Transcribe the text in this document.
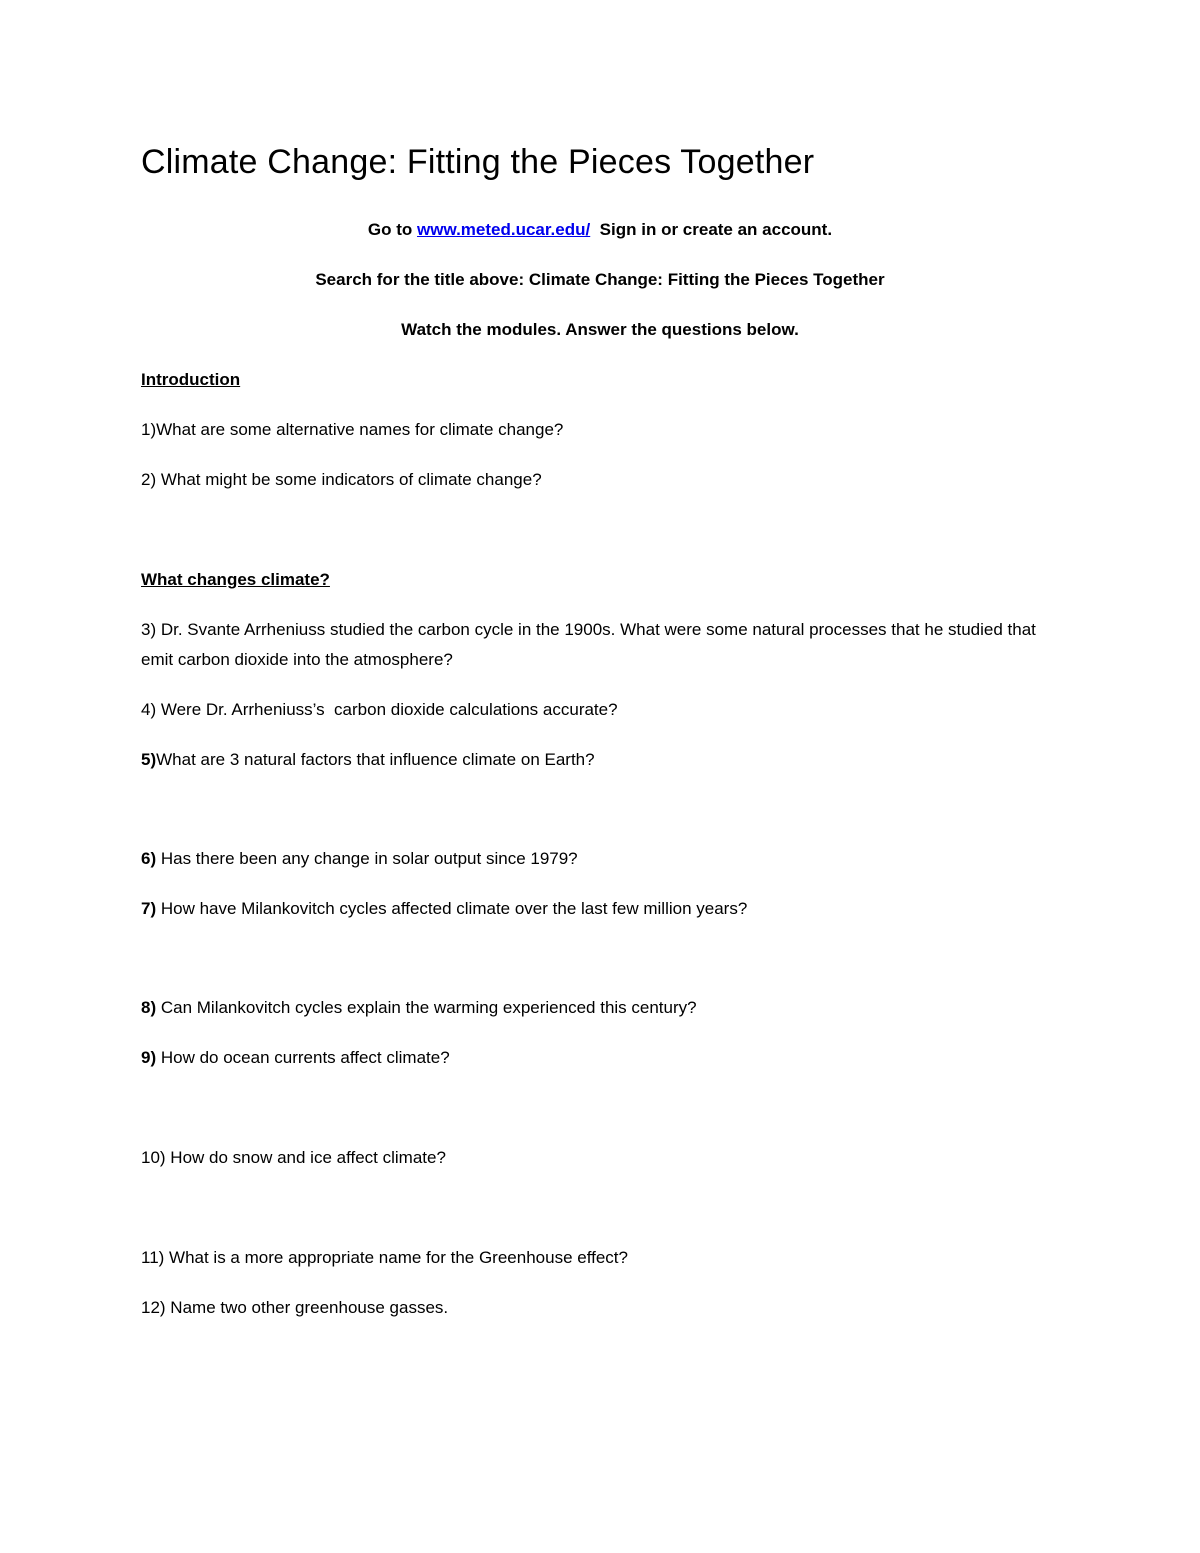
Climate Change: Fitting the Pieces Together
Go to www.meted.ucar.edu/  Sign in or create an account.
Search for the title above: Climate Change: Fitting the Pieces Together
Watch the modules. Answer the questions below.
Introduction
1)What are some alternative names for climate change?
2) What might be some indicators of climate change?
What changes climate?
3) Dr. Svante Arrheniuss studied the carbon cycle in the 1900s. What were some natural processes that he studied that emit carbon dioxide into the atmosphere?
4) Were Dr. Arrheniuss’s  carbon dioxide calculations accurate?
5)What are 3 natural factors that influence climate on Earth?
6) Has there been any change in solar output since 1979?
7) How have Milankovitch cycles affected climate over the last few million years?
8) Can Milankovitch cycles explain the warming experienced this century?
9) How do ocean currents affect climate?
10) How do snow and ice affect climate?
11) What is a more appropriate name for the Greenhouse effect?
12) Name two other greenhouse gasses.
